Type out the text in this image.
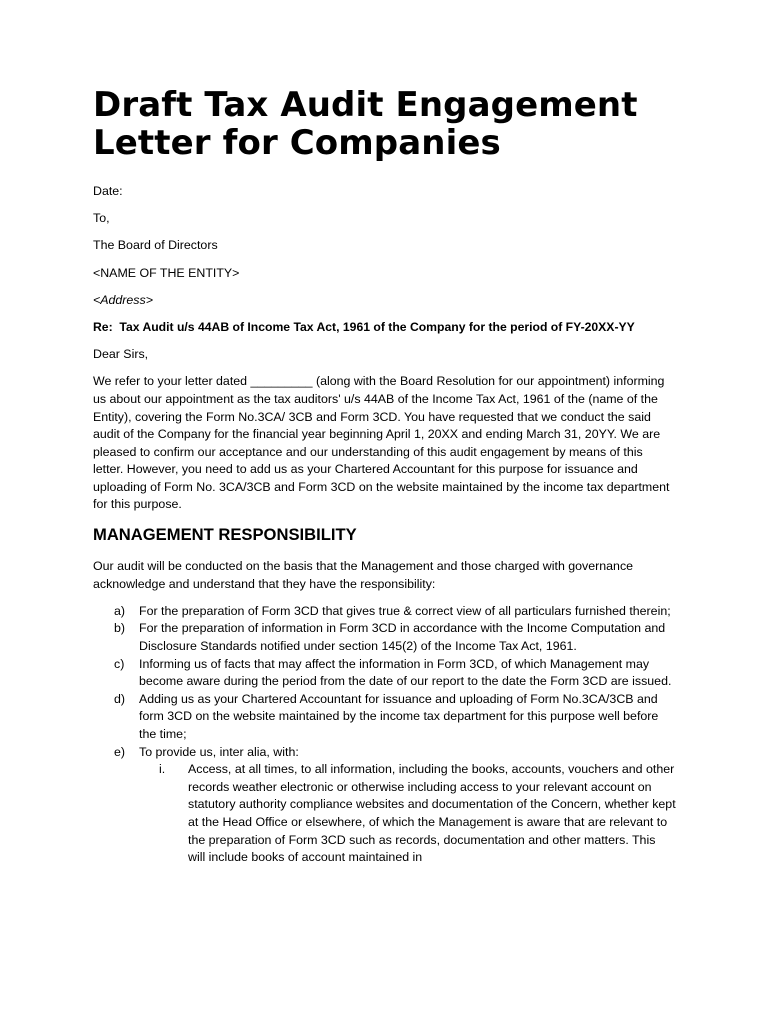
Draft Tax Audit Engagement Letter for Companies

Date:

To,

The Board of Directors

<NAME OF THE ENTITY>

<Address>

Re:  Tax Audit u/s 44AB of Income Tax Act, 1961 of the Company for the period of FY-20XX-YY

Dear Sirs,

We refer to your letter dated _________ (along with the Board Resolution for our appointment) informing us about our appointment as the tax auditors' u/s 44AB of the Income Tax Act, 1961 of the (name of the Entity), covering the Form No.3CA/ 3CB and Form 3CD. You have requested that we conduct the said audit of the Company for the financial year beginning April 1, 20XX and ending March 31, 20YY. We are pleased to confirm our acceptance and our understanding of this audit engagement by means of this letter. However, you need to add us as your Chartered Accountant for this purpose for issuance and uploading of Form No. 3CA/3CB and Form 3CD on the website maintained by the income tax department for this purpose.

MANAGEMENT RESPONSIBILITY

Our audit will be conducted on the basis that the Management and those charged with governance acknowledge and understand that they have the responsibility:

a) For the preparation of Form 3CD that gives true & correct view of all particulars furnished therein;
b) For the preparation of information in Form 3CD in accordance with the Income Computation and Disclosure Standards notified under section 145(2) of the Income Tax Act, 1961.
c) Informing us of facts that may affect the information in Form 3CD, of which Management may become aware during the period from the date of our report to the date the Form 3CD are issued.
d) Adding us as your Chartered Accountant for issuance and uploading of Form No.3CA/3CB and form 3CD on the website maintained by the income tax department for this purpose well before the time;
e) To provide us, inter alia, with:
i. Access, at all times, to all information, including the books, accounts, vouchers and other records weather electronic or otherwise including access to your relevant account on statutory authority compliance websites and documentation of the Concern, whether kept at the Head Office or elsewhere, of which the Management is aware that are relevant to the preparation of Form 3CD such as records, documentation and other matters. This will include books of account maintained in
